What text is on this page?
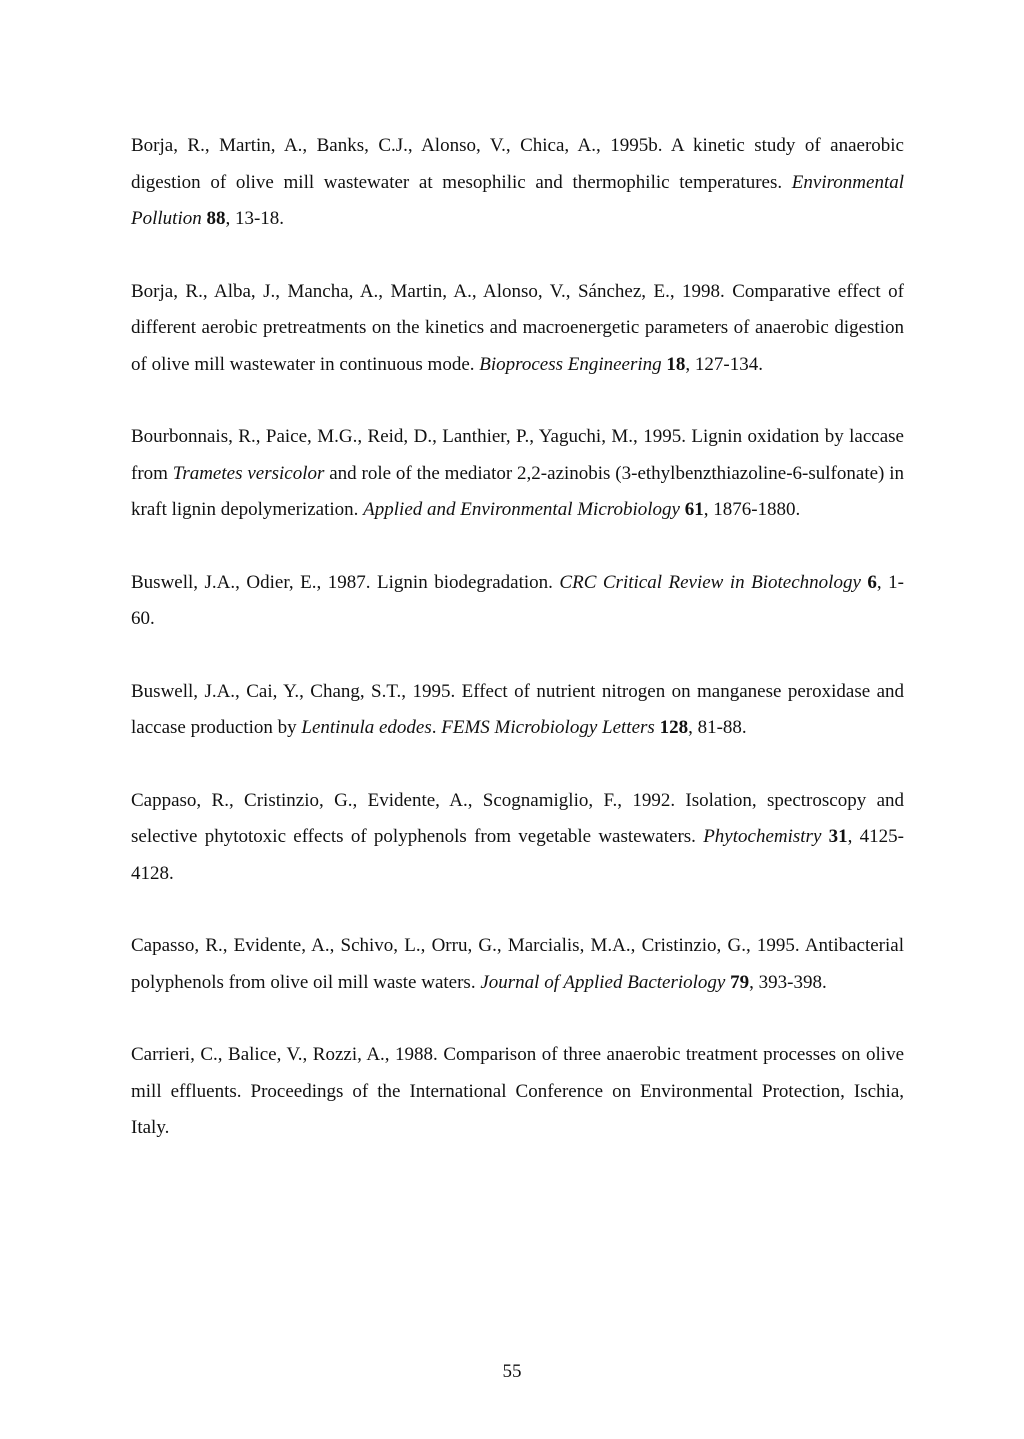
Borja, R., Martin, A., Banks, C.J., Alonso, V., Chica, A., 1995b. A kinetic study of anaerobic digestion of olive mill wastewater at mesophilic and thermophilic temperatures. Environmental Pollution 88, 13-18.

Borja, R., Alba, J., Mancha, A., Martin, A., Alonso, V., Sánchez, E., 1998. Comparative effect of different aerobic pretreatments on the kinetics and macroenergetic parameters of anaerobic digestion of olive mill wastewater in continuous mode. Bioprocess Engineering 18, 127-134.

Bourbonnais, R., Paice, M.G., Reid, D., Lanthier, P., Yaguchi, M., 1995. Lignin oxidation by laccase from Trametes versicolor and role of the mediator 2,2-azinobis (3-ethylbenzthiazoline-6-sulfonate) in kraft lignin depolymerization. Applied and Environmental Microbiology 61, 1876-1880.

Buswell, J.A., Odier, E., 1987. Lignin biodegradation. CRC Critical Review in Biotechnology 6, 1-60.

Buswell, J.A., Cai, Y., Chang, S.T., 1995. Effect of nutrient nitrogen on manganese peroxidase and laccase production by Lentinula edodes. FEMS Microbiology Letters 128, 81-88.

Cappaso, R., Cristinzio, G., Evidente, A., Scognamiglio, F., 1992. Isolation, spectroscopy and selective phytotoxic effects of polyphenols from vegetable wastewaters. Phytochemistry 31, 4125-4128.

Capasso, R., Evidente, A., Schivo, L., Orru, G., Marcialis, M.A., Cristinzio, G., 1995. Antibacterial polyphenols from olive oil mill waste waters. Journal of Applied Bacteriology 79, 393-398.

Carrieri, C., Balice, V., Rozzi, A., 1988. Comparison of three anaerobic treatment processes on olive mill effluents. Proceedings of the International Conference on Environmental Protection, Ischia, Italy.

55
